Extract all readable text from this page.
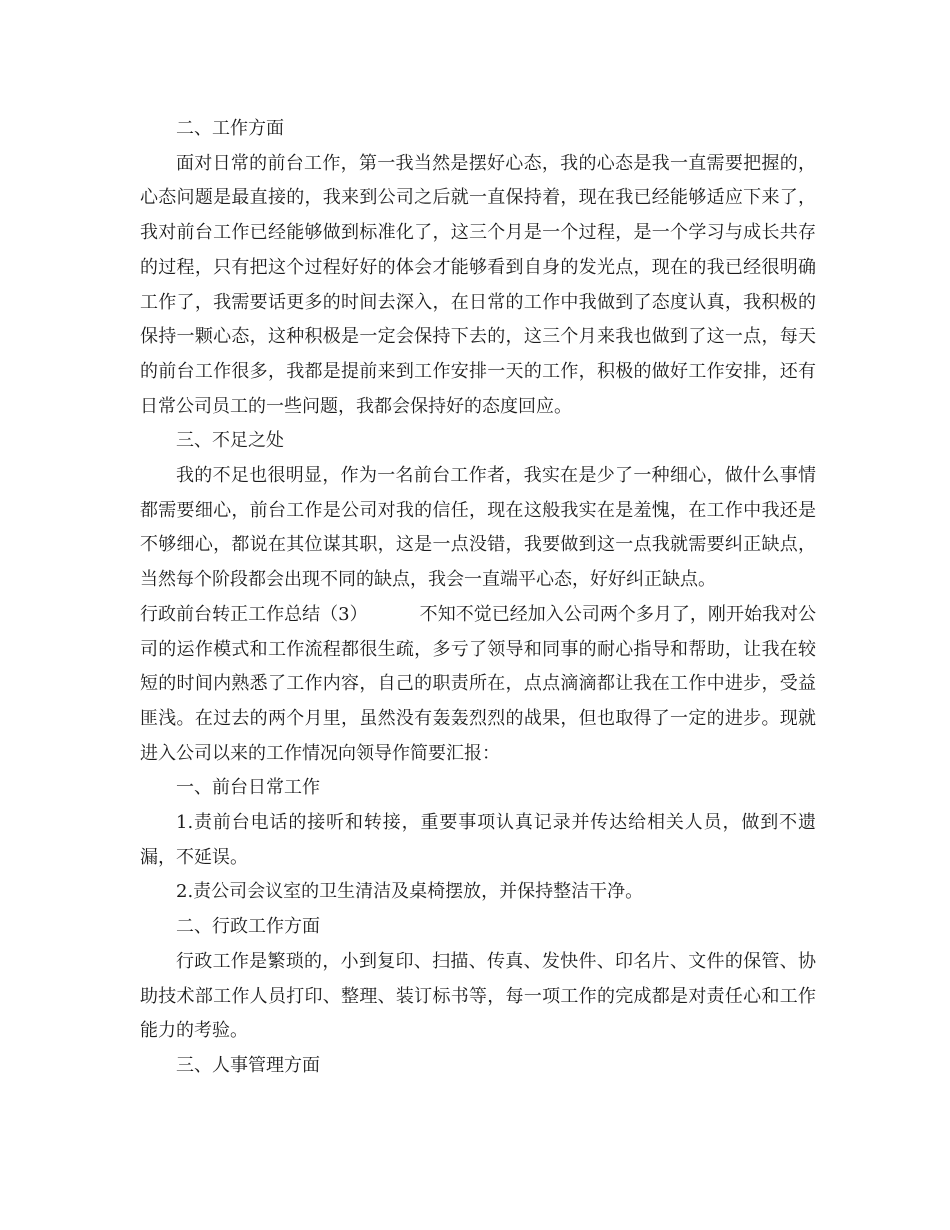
二、工作方面

面对日常的前台工作，第一我当然是摆好心态，我的心态是我一直需要把握的，心态问题是最直接的，我来到公司之后就一直保持着，现在我已经能够适应下来了，我对前台工作已经能够做到标准化了，这三个月是一个过程，是一个学习与成长共存的过程，只有把这个过程好好的体会才能够看到自身的发光点，现在的我已经很明确工作了，我需要话更多的时间去深入，在日常的工作中我做到了态度认真，我积极的保持一颗心态，这种积极是一定会保持下去的，这三个月来我也做到了这一点，每天的前台工作很多，我都是提前来到工作安排一天的工作，积极的做好工作安排，还有日常公司员工的一些问题，我都会保持好的态度回应。

三、不足之处

我的不足也很明显，作为一名前台工作者，我实在是少了一种细心，做什么事情都需要细心，前台工作是公司对我的信任，现在这般我实在是羞愧，在工作中我还是不够细心，都说在其位谋其职，这是一点没错，我要做到这一点我就需要纠正缺点，当然每个阶段都会出现不同的缺点，我会一直端平心态，好好纠正缺点。

行政前台转正工作总结（3）	不知不觉已经加入公司两个多月了，刚开始我对公司的运作模式和工作流程都很生疏，多亏了领导和同事的耐心指导和帮助，让我在较短的时间内熟悉了工作内容，自己的职责所在，点点滴滴都让我在工作中进步，受益匪浅。在过去的两个月里，虽然没有轰轰烈烈的战果，但也取得了一定的进步。现就进入公司以来的工作情况向领导作简要汇报：

一、前台日常工作

1.责前台电话的接听和转接，重要事项认真记录并传达给相关人员，做到不遗漏，不延误。

2.责公司会议室的卫生清洁及桌椅摆放，并保持整洁干净。

二、行政工作方面

行政工作是繁琐的，小到复印、扫描、传真、发快件、印名片、文件的保管、协助技术部工作人员打印、整理、装订标书等，每一项工作的完成都是对责任心和工作能力的考验。

三、人事管理方面
